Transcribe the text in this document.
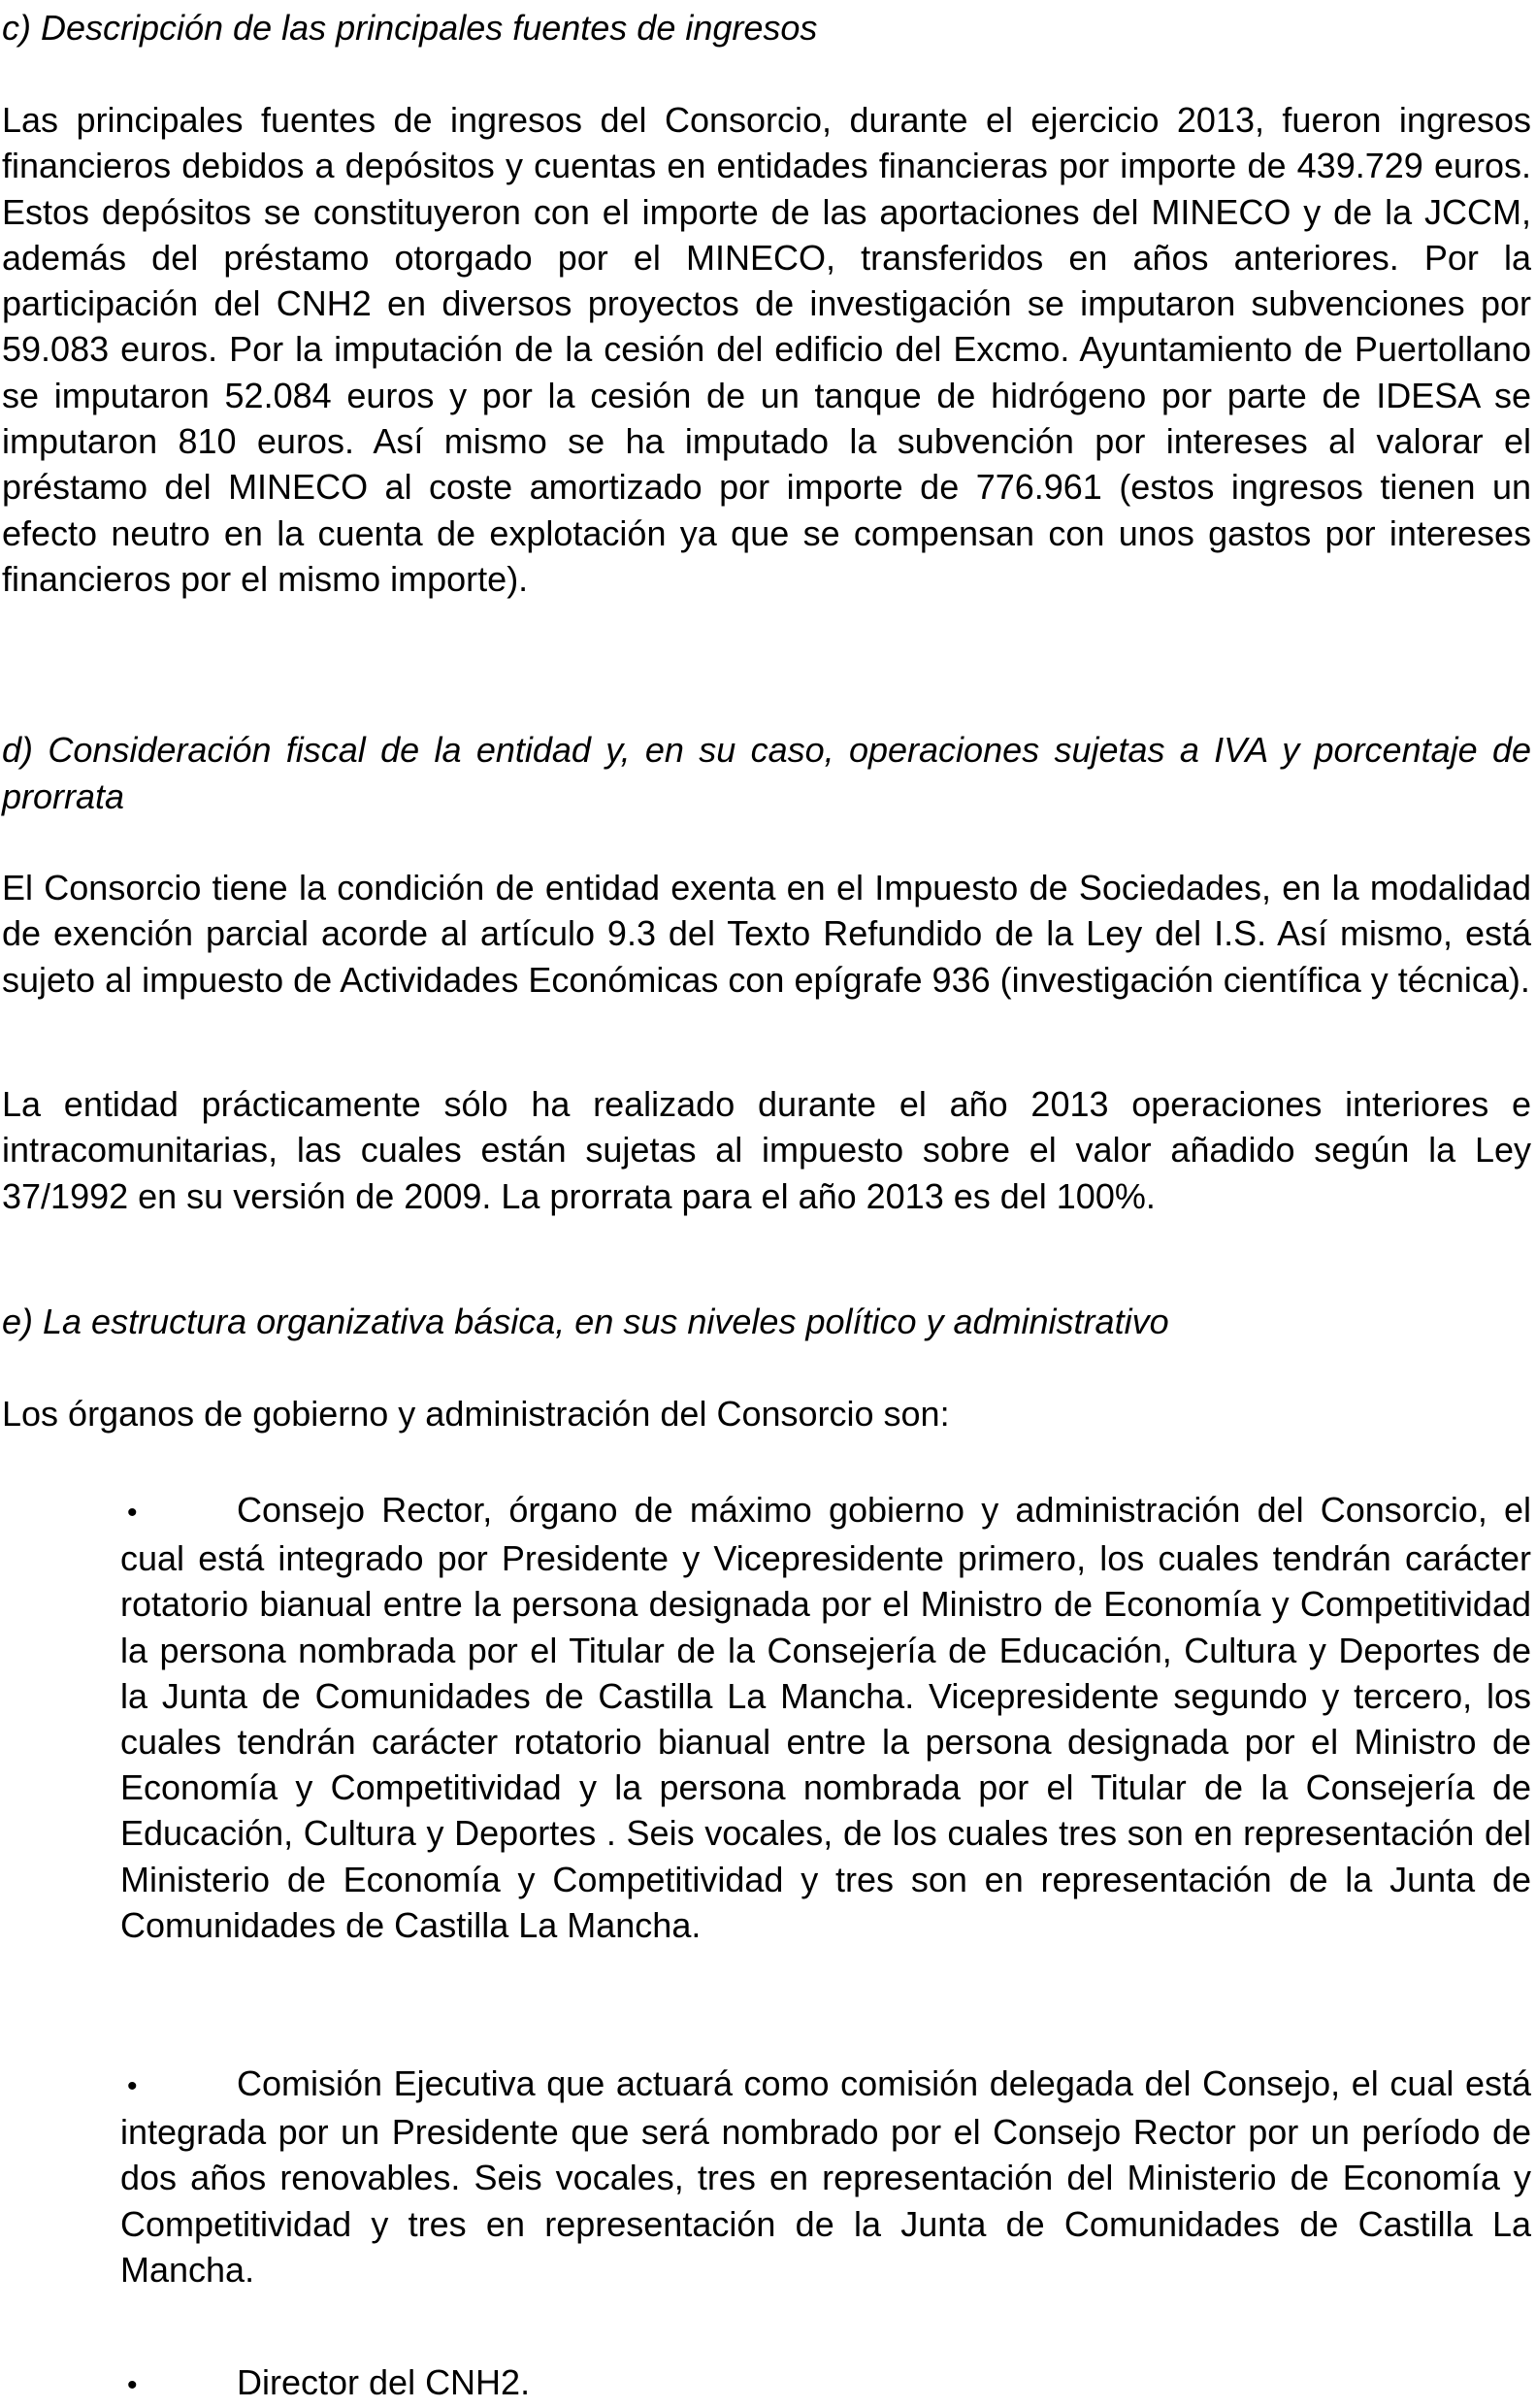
c) Descripción de las principales fuentes de ingresos

Las principales fuentes de ingresos del Consorcio, durante el ejercicio 2013, fueron ingresos financieros debidos a depósitos y cuentas en entidades financieras por importe de 439.729 euros. Estos depósitos se constituyeron con el importe de las aportaciones del MINECO y de la JCCM, además del préstamo otorgado por el MINECO, transferidos en años anteriores. Por la participación del CNH2 en diversos proyectos de investigación se imputaron subvenciones por 59.083 euros. Por la imputación de la cesión del edificio del Excmo. Ayuntamiento de Puertollano se imputaron 52.084 euros y por la cesión de un tanque de hidrógeno por parte de IDESA se imputaron 810 euros. Así mismo se ha imputado la subvención por intereses al valorar el préstamo del MINECO al coste amortizado por importe de 776.961 (estos ingresos tienen un efecto neutro en la cuenta de explotación ya que se compensan con unos gastos por intereses financieros por el mismo importe).

d) Consideración fiscal de la entidad y, en su caso, operaciones sujetas a IVA y porcentaje de prorrata

El Consorcio tiene la condición de entidad exenta en el Impuesto de Sociedades, en la modalidad de exención parcial acorde al artículo 9.3 del Texto Refundido de la Ley del I.S. Así mismo, está sujeto al impuesto de Actividades Económicas con epígrafe 936 (investigación científica y técnica).

La entidad prácticamente sólo ha realizado durante el año 2013 operaciones interiores e intracomunitarias, las cuales están sujetas al impuesto sobre el valor añadido según la Ley 37/1992 en su versión de 2009. La prorrata para el año 2013 es del 100%.

e) La estructura organizativa básica, en sus niveles político y administrativo

Los órganos de gobierno y administración del Consorcio son:

•	Consejo Rector, órgano de máximo gobierno y administración del Consorcio, el cual está integrado por Presidente y Vicepresidente primero, los cuales tendrán carácter rotatorio bianual entre la persona designada por el Ministro de Economía y Competitividad la persona nombrada por el Titular de la Consejería de Educación, Cultura y Deportes de la Junta de Comunidades de Castilla La Mancha. Vicepresidente segundo y tercero, los cuales tendrán carácter rotatorio bianual entre la persona designada por el Ministro de Economía y Competitividad y la persona nombrada por el Titular de la Consejería de Educación, Cultura y Deportes . Seis vocales, de los cuales tres son en representación del Ministerio de Economía y Competitividad y tres son en representación de la Junta de Comunidades de Castilla La Mancha.
•	Comisión Ejecutiva que actuará como comisión delegada del Consejo, el cual está integrada por un Presidente que será nombrado por el Consejo Rector por un período de dos años renovables. Seis vocales, tres en representación del Ministerio de Economía y Competitividad y tres en representación de la Junta de Comunidades de Castilla La Mancha.
•	Director del CNH2.
